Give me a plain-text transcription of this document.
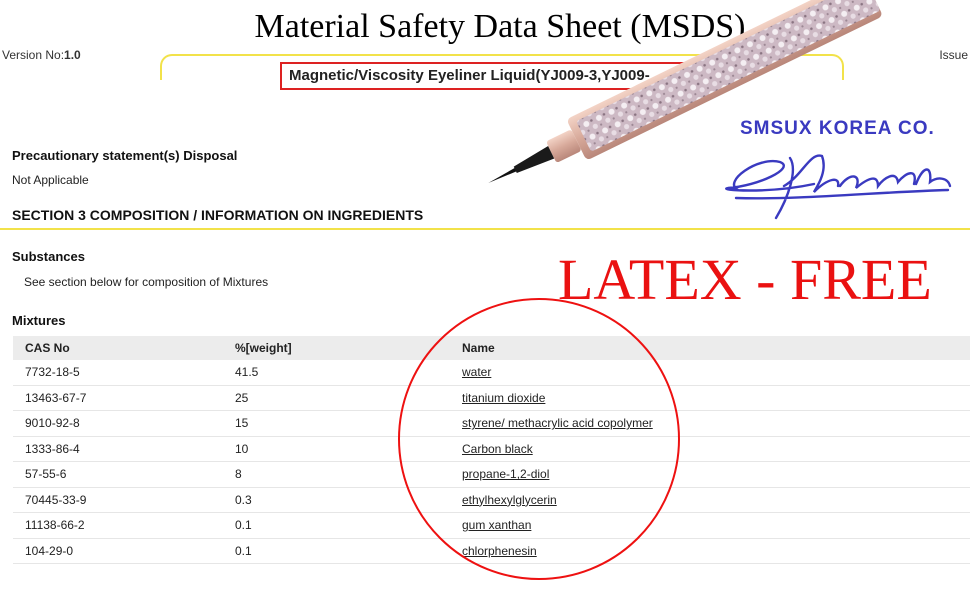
Material Safety Data Sheet (MSDS)
Version No:1.0	Issue
Magnetic/Viscosity Eyeliner Liquid(YJ009-3,YJ009-
Precautionary statement(s) Disposal
Not Applicable
SECTION 3 COMPOSITION / INFORMATION ON INGREDIENTS
Substances
See section below for composition of Mixtures
Mixtures
CAS No	%[weight]	Name
7732-18-5	41.5	water
13463-67-7	25	titanium dioxide
9010-92-8	15	styrene/ methacrylic acid copolymer
1333-86-4	10	Carbon black
57-55-6	8	propane-1,2-diol
70445-33-9	0.3	ethylhexylglycerin
11138-66-2	0.1	gum xanthan
104-29-0	0.1	chlorphenesin
LATEX - FREE
SMSUX KOREA CO.
